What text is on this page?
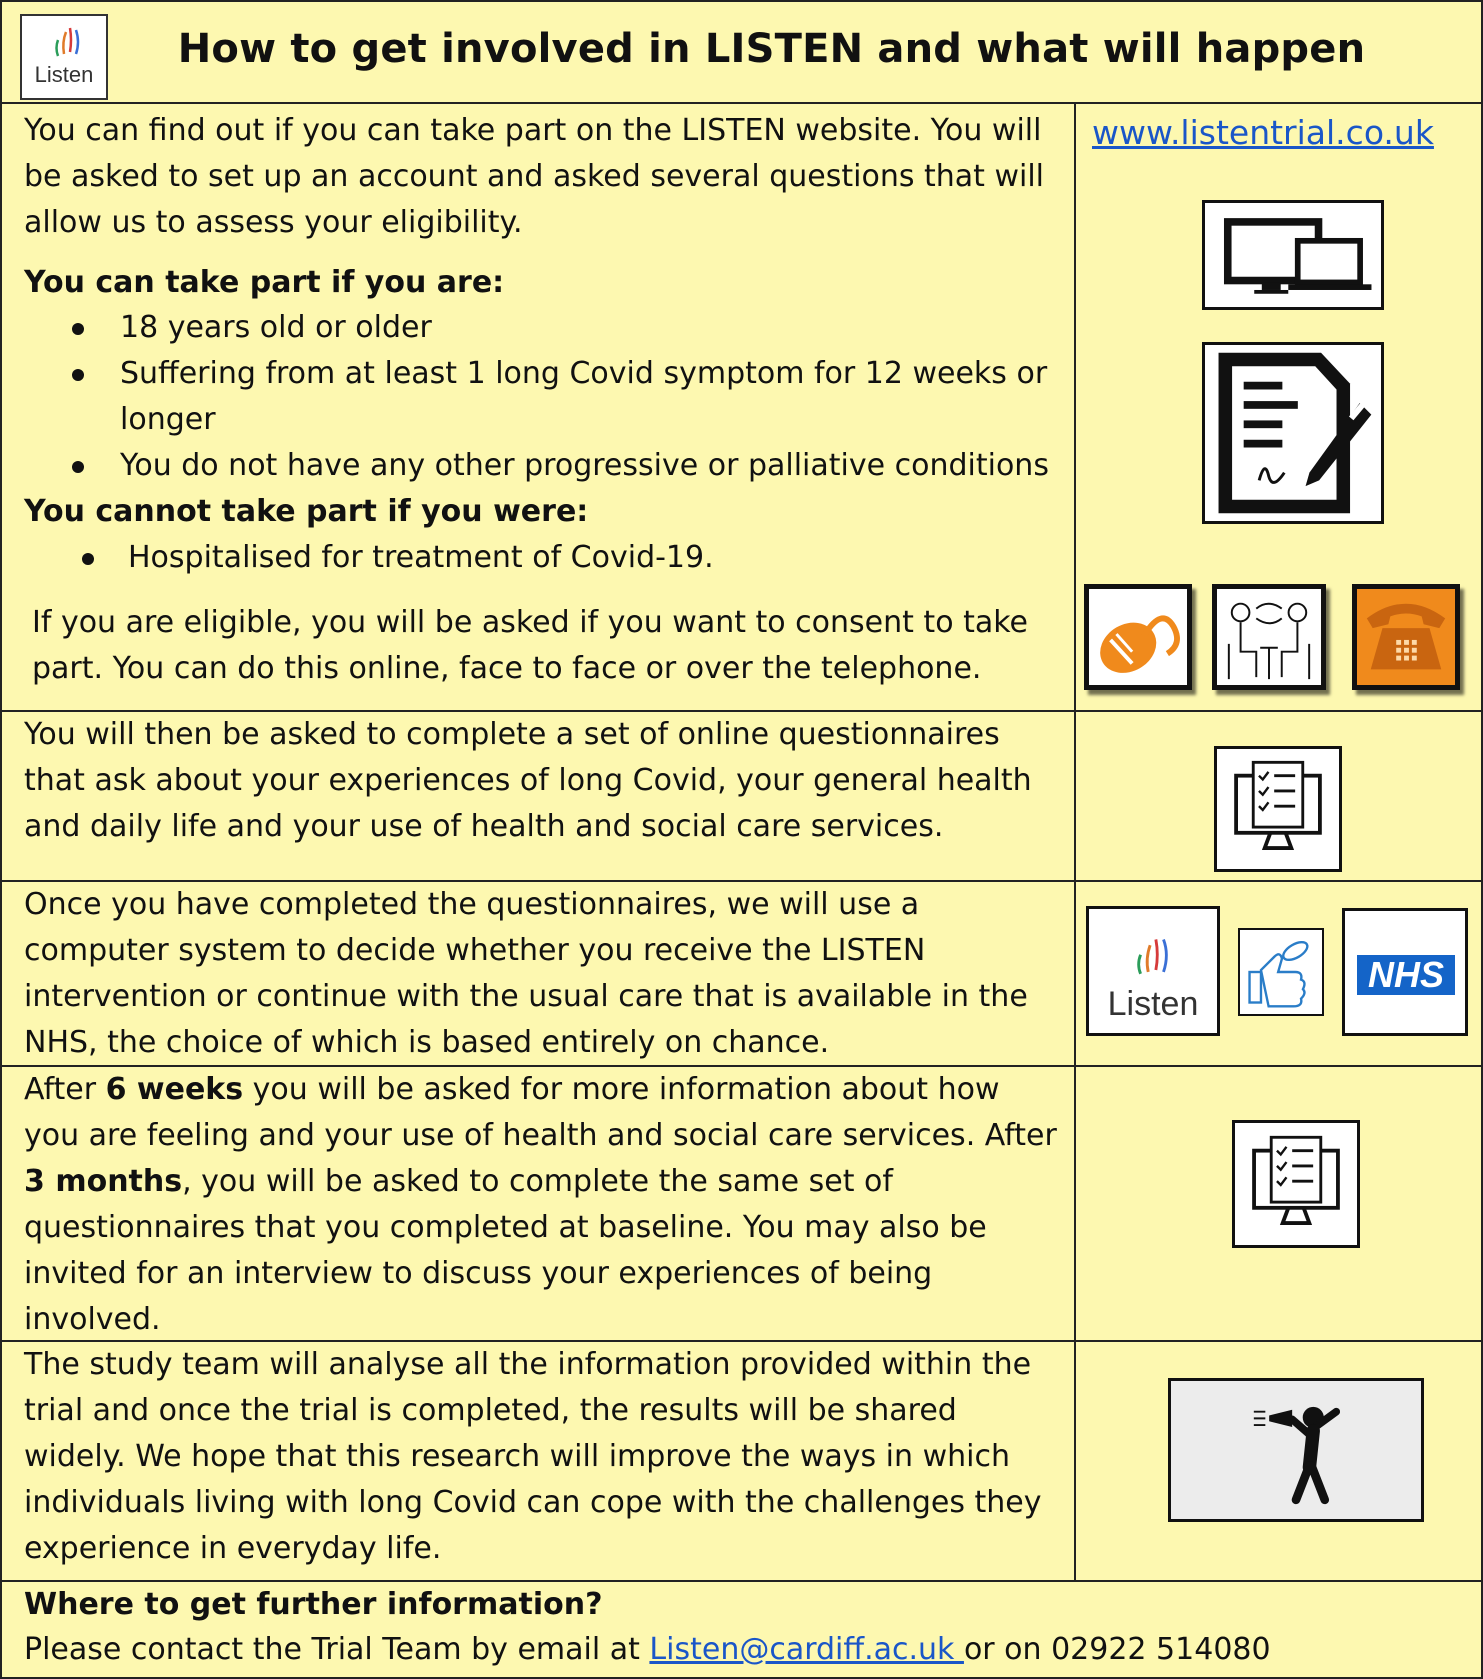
Listen
How to get involved in LISTEN and what will happen
You can find out if you can take part on the LISTEN website. You will
be asked to set up an account and asked several questions that will
allow us to assess your eligibility.
You can take part if you are:
18 years old or older
Suffering from at least 1 long Covid symptom for 12 weeks or
longer
You do not have any other progressive or palliative conditions
You cannot take part if you were:
Hospitalised for treatment of Covid-19.
If you are eligible, you will be asked if you want to consent to take
part. You can do this online, face to face or over the telephone.
www.listentrial.co.uk
You will then be asked to complete a set of online questionnaires
that ask about your experiences of long Covid, your general health
and daily life and your use of health and social care services.
Once you have completed the questionnaires, we will use a
computer system to decide whether you receive the LISTEN
intervention or continue with the usual care that is available in the
NHS, the choice of which is based entirely on chance.
Listen
NHS
After 6 weeks you will be asked for more information about how
you are feeling and your use of health and social care services. After
3 months, you will be asked to complete the same set of
questionnaires that you completed at baseline. You may also be
invited for an interview to discuss your experiences of being
involved.
The study team will analyse all the information provided within the
trial and once the trial is completed, the results will be shared
widely. We hope that this research will improve the ways in which
individuals living with long Covid can cope with the challenges they
experience in everyday life.
Where to get further information?
Please contact the Trial Team by email at Listen@cardiff.ac.uk or on 02922 514080
